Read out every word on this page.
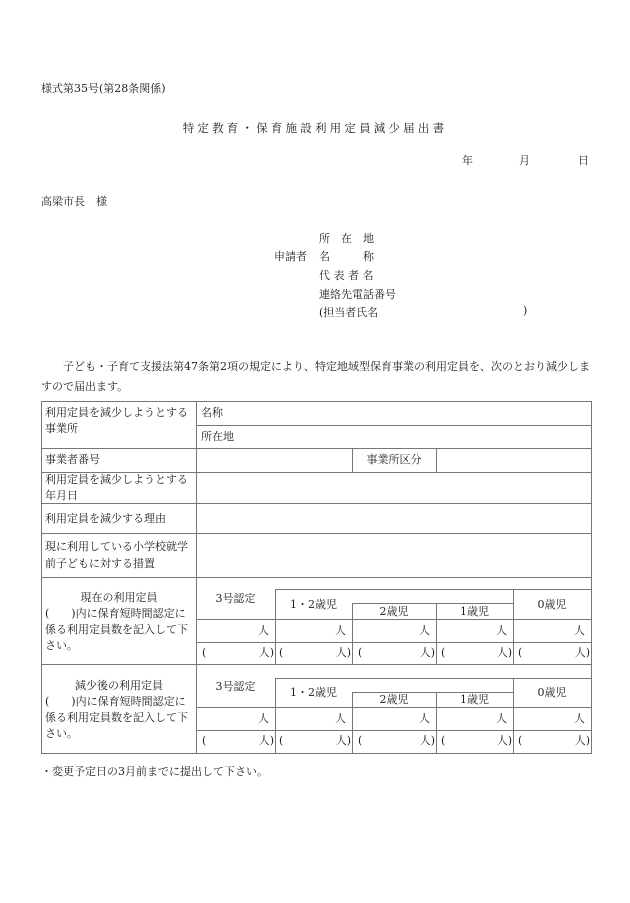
様式第35号(第28条関係)
特定教育・保育施設利用定員減少届出書
年	月	日
高梁市長　様
申請者
所　在　地
名　　　称
代 表 者 名
連絡先電話番号
(担当者氏名	)
子ども・子育て支援法第47条第2項の規定により、特定地域型保育事業の利用定員を、次のとおり減少しますので届出ます。
利用定員を減少しようとする事業所
名称
所在地
事業者番号	事業所区分
利用定員を減少しようとする年月日
利用定員を減少する理由
現に利用している小学校就学前子どもに対する措置
現在の利用定員
(　　)内に保育短時間認定に係る利用定員数を記入して下さい。
3号認定	1・2歳児
2歳児	1歳児
0歳児
人	人	人	人	人
(	人) (	人) (	人) (	人) (	人)
減少後の利用定員
(　　)内に保育短時間認定に係る利用定員数を記入して下さい。
3号認定	1・2歳児
2歳児	1歳児
0歳児
人	人	人	人	人
(	人) (	人) (	人) (	人) (	人)
・変更予定日の3月前までに提出して下さい。
